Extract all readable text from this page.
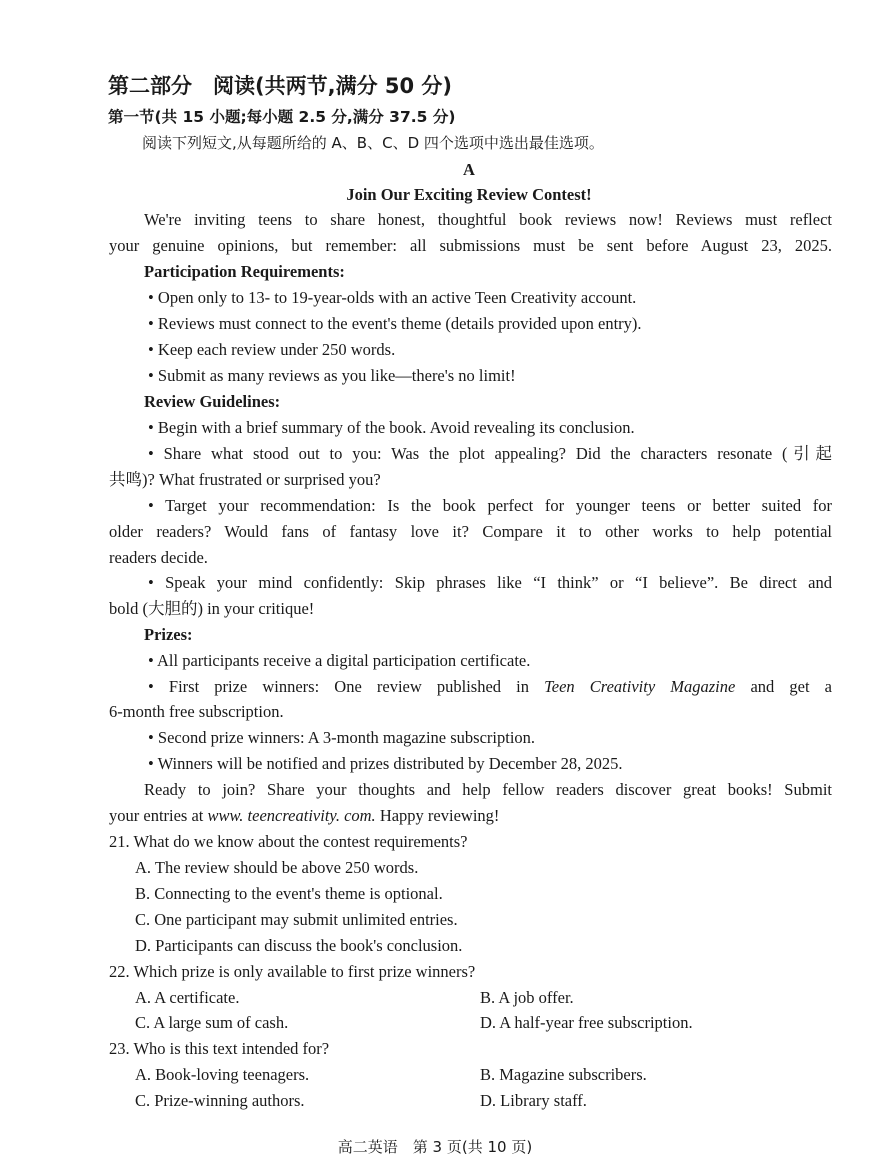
第二部分　阅读(共两节,满分 50 分)
第一节(共 15 小题;每小题 2.5 分,满分 37.5 分)
阅读下列短文,从每题所给的 A、B、C、D 四个选项中选出最佳选项。
A
Join Our Exciting Review Contest!
We're inviting teens to share honest, thoughtful book reviews now! Reviews must reflect
your genuine opinions, but remember: all submissions must be sent before August 23, 2025.
Participation Requirements:
• Open only to 13- to 19-year-olds with an active Teen Creativity account.
• Reviews must connect to the event's theme (details provided upon entry).
• Keep each review under 250 words.
• Submit as many reviews as you like—there's no limit!
Review Guidelines:
• Begin with a brief summary of the book. Avoid revealing its conclusion.
• Share what stood out to you: Was the plot appealing? Did the characters resonate (引起
共鸣)? What frustrated or surprised you?
• Target your recommendation: Is the book perfect for younger teens or better suited for
older readers? Would fans of fantasy love it? Compare it to other works to help potential
readers decide.
• Speak your mind confidently: Skip phrases like “I think” or “I believe”. Be direct and
bold (大胆的) in your critique!
Prizes:
• All participants receive a digital participation certificate.
• First prize winners: One review published in Teen Creativity Magazine and get a
6-month free subscription.
• Second prize winners: A 3-month magazine subscription.
• Winners will be notified and prizes distributed by December 28, 2025.
Ready to join? Share your thoughts and help fellow readers discover great books! Submit
your entries at www. teencreativity. com. Happy reviewing!
21. What do we know about the contest requirements?
A. The review should be above 250 words.
B. Connecting to the event's theme is optional.
C. One participant may submit unlimited entries.
D. Participants can discuss the book's conclusion.
22. Which prize is only available to first prize winners?
A. A certificate.	B. A job offer.
C. A large sum of cash.	D. A half-year free subscription.
23. Who is this text intended for?
A. Book-loving teenagers.	B. Magazine subscribers.
C. Prize-winning authors.	D. Library staff.
高二英语　第 3 页(共 10 页)
